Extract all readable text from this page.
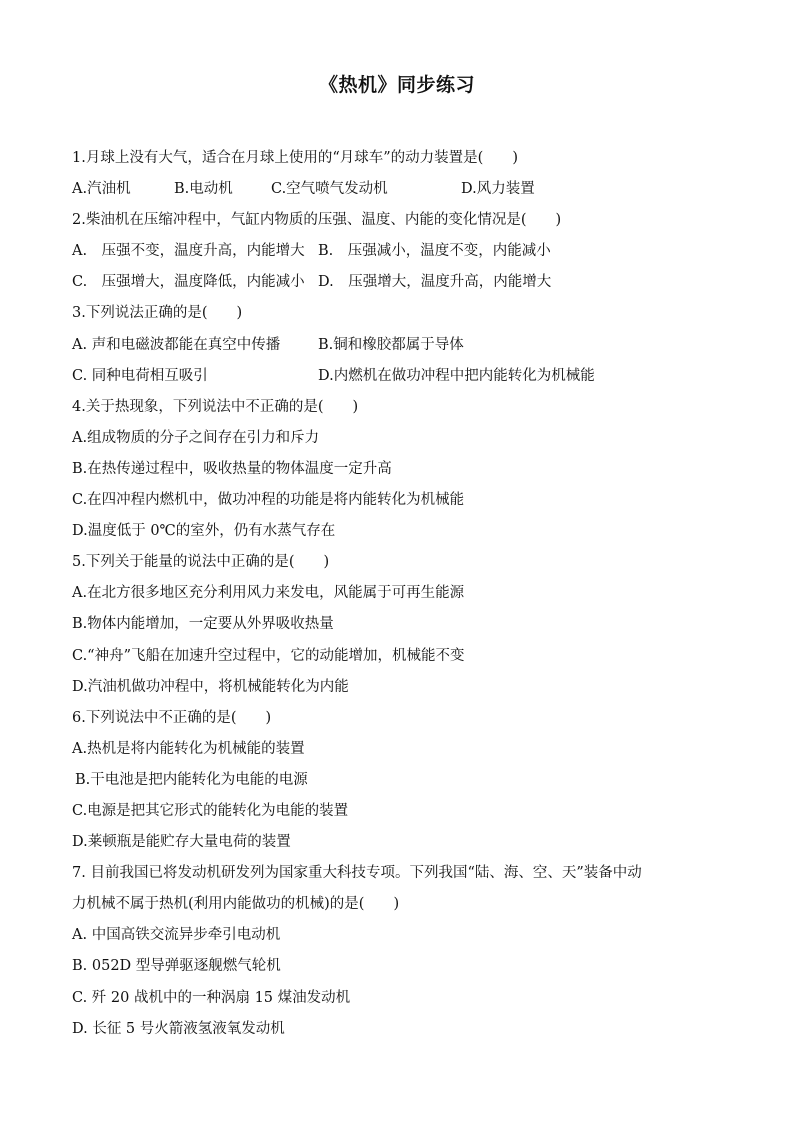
《热机》同步练习
1.月球上没有大气，适合在月球上使用的“月球车”的动力装置是(　　)
A.汽油机	B.电动机	C.空气喷气发动机	D.风力装置
2.柴油机在压缩冲程中，气缸内物质的压强、温度、内能的变化情况是(　　)
A.　压强不变，温度升高，内能增大 B.　压强减小，温度不变，内能减小
C.　压强增大，温度降低，内能减小 D.　压强增大，温度升高，内能增大
3.下列说法正确的是(　　)
A. 声和电磁波都能在真空中传播	B.铜和橡胶都属于导体
C. 同种电荷相互吸引	D.内燃机在做功冲程中把内能转化为机械能
4.关于热现象，下列说法中不正确的是(　　)
A.组成物质的分子之间存在引力和斥力
B.在热传递过程中，吸收热量的物体温度一定升高
C.在四冲程内燃机中，做功冲程的功能是将内能转化为机械能
D.温度低于 0℃的室外，仍有水蒸气存在
5.下列关于能量的说法中正确的是(　　)
A.在北方很多地区充分利用风力来发电，风能属于可再生能源
B.物体内能增加，一定要从外界吸收热量
C.“神舟”飞船在加速升空过程中，它的动能增加，机械能不变
D.汽油机做功冲程中，将机械能转化为内能
6.下列说法中不正确的是(　　)
A.热机是将内能转化为机械能的装置
B.干电池是把内能转化为电能的电源
C.电源是把其它形式的能转化为电能的装置
D.莱顿瓶是能贮存大量电荷的装置
7. 目前我国已将发动机研发列为国家重大科技专项。下列我国“陆、海、空、天”装备中动
力机械不属于热机(利用内能做功的机械)的是(　　)
A. 中国高铁交流异步牵引电动机
B. 052D 型导弹驱逐舰燃气轮机
C. 歼 20 战机中的一种涡扇 15 煤油发动机
D. 长征 5 号火箭液氢液氧发动机
